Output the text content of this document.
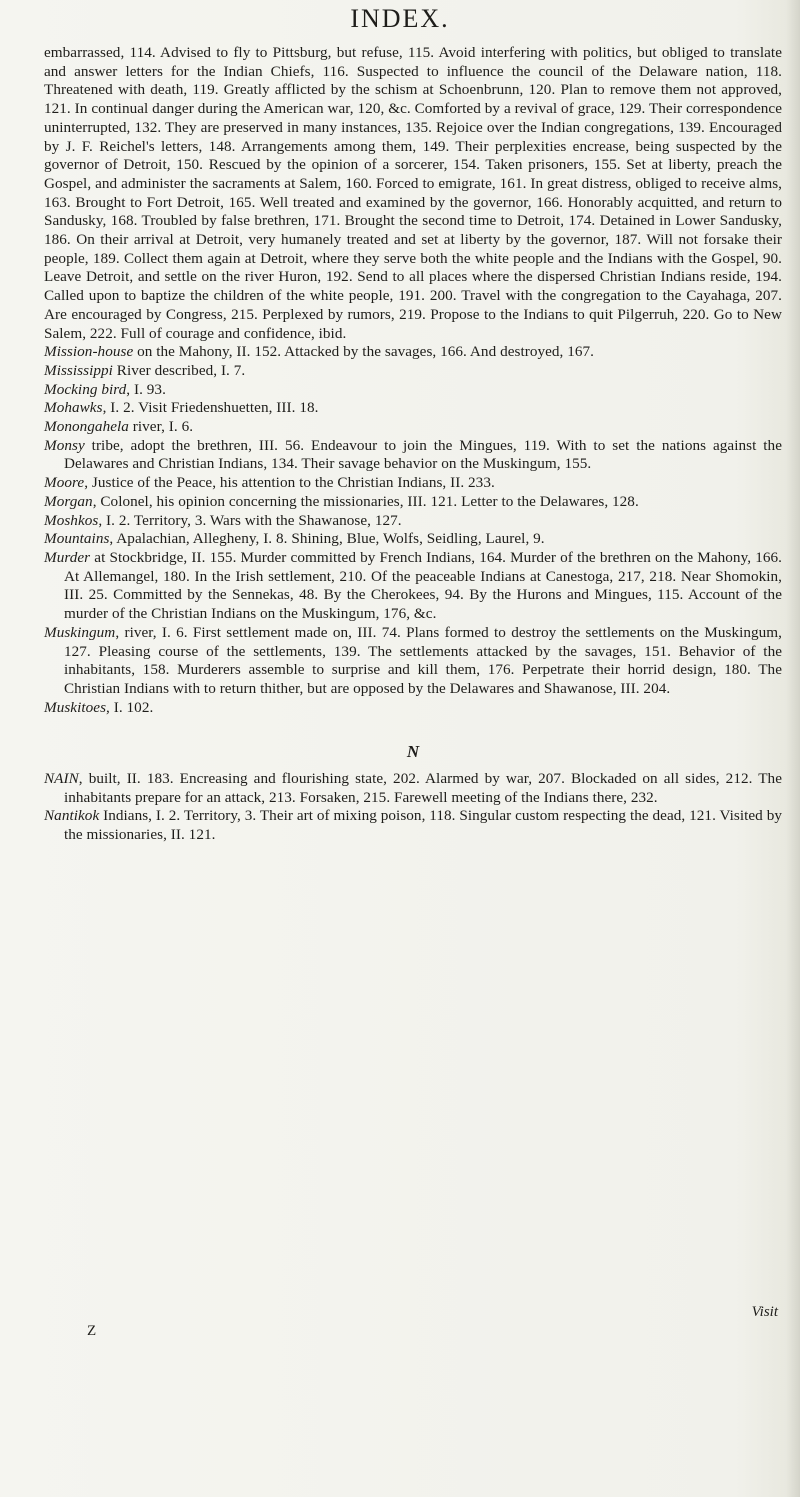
INDEX.

embarrassed, 114. Advised to fly to Pittsburg, but refuse, 115. Avoid interfering with politics, but obliged to translate and answer letters for the Indian Chiefs, 116. Suspected to influence the council of the Delaware nation, 118. Threatened with death, 119. Greatly afflicted by the schism at Schoenbrunn, 120. Plan to remove them not approved, 121. In continual danger during the American war, 120, &c. Comforted by a revival of grace, 129. Their correspondence uninterrupted, 132. They are preserved in many instances, 135. Rejoice over the Indian congregations, 139. Encouraged by J. F. Reichel's letters, 148. Arrangements among them, 149. Their perplexities encrease, being suspected by the governor of Detroit, 150. Rescued by the opinion of a sorcerer, 154. Taken prisoners, 155. Set at liberty, preach the Gospel, and administer the sacraments at Salem, 160. Forced to emigrate, 161. In great distress, obliged to receive alms, 163. Brought to Fort Detroit, 165. Well treated and examined by the governor, 166. Honorably acquitted, and return to Sandusky, 168. Troubled by false brethren, 171. Brought the second time to Detroit, 174. Detained in Lower Sandusky, 186. On their arrival at Detroit, very humanely treated and set at liberty by the governor, 187. Will not forsake their people, 189. Collect them again at Detroit, where they serve both the white people and the Indians with the Gospel, 90. Leave Detroit, and settle on the river Huron, 192. Send to all places where the dispersed Christian Indians reside, 194. Called upon to baptize the children of the white people, 191. 200. Travel with the congregation to the Cayahaga, 207. Are encouraged by Congress, 215. Perplexed by rumors, 219. Propose to the Indians to quit Pilgerruh, 220. Go to New Salem, 222. Full of courage and confidence, ibid.

Mission-house on the Mahony, II. 152. Attacked by the savages, 166. And destroyed, 167.

Mississippi River described, I. 7.

Mocking bird, I. 93.

Mohawks, I. 2. Visit Friedenshuetten, III. 18.

Monongahela river, I. 6.

Monsy tribe, adopt the brethren, III. 56. Endeavour to join the Mingues, 119. With to set the nations against the Delawares and Christian Indians, 134. Their savage behavior on the Muskingum, 155.

Moore, Justice of the Peace, his attention to the Christian Indians, II. 233.

Morgan, Colonel, his opinion concerning the missionaries, III. 121. Letter to the Delawares, 128.

Moshkos, I. 2. Territory, 3. Wars with the Shawanose, 127.

Mountains, Apalachian, Allegheny, I. 8. Shining, Blue, Wolfs, Seidling, Laurel, 9.

Murder at Stockbridge, II. 155. Murder committed by French Indians, 164. Murder of the brethren on the Mahony, 166. At Allemangel, 180. In the Irish settlement, 210. Of the peaceable Indians at Canestoga, 217, 218. Near Shomokin, III. 25. Committed by the Sennekas, 48. By the Cherokees, 94. By the Hurons and Mingues, 115. Account of the murder of the Christian Indians on the Muskingum, 176, &c.

Muskingum, river, I. 6. First settlement made on, III. 74. Plans formed to destroy the settlements on the Muskingum, 127. Pleasing course of the settlements, 139. The settlements attacked by the savages, 151. Behavior of the inhabitants, 158. Murderers assemble to surprise and kill them, 176. Perpetrate their horrid design, 180. The Christian Indians with to return thither, but are opposed by the Delawares and Shawanose, III. 204.

Muskitoes, I. 102.

N

NAIN, built, II. 183. Encreasing and flourishing state, 202. Alarmed by war, 207. Blockaded on all sides, 212. The inhabitants prepare for an attack, 213. Forsaken, 215. Farewell meeting of the Indians there, 232.

Nantikok Indians, I. 2. Territory, 3. Their art of mixing poison, 118. Singular custom respecting the dead, 121. Visited by the missionaries, II. 121.

Visit
Z
